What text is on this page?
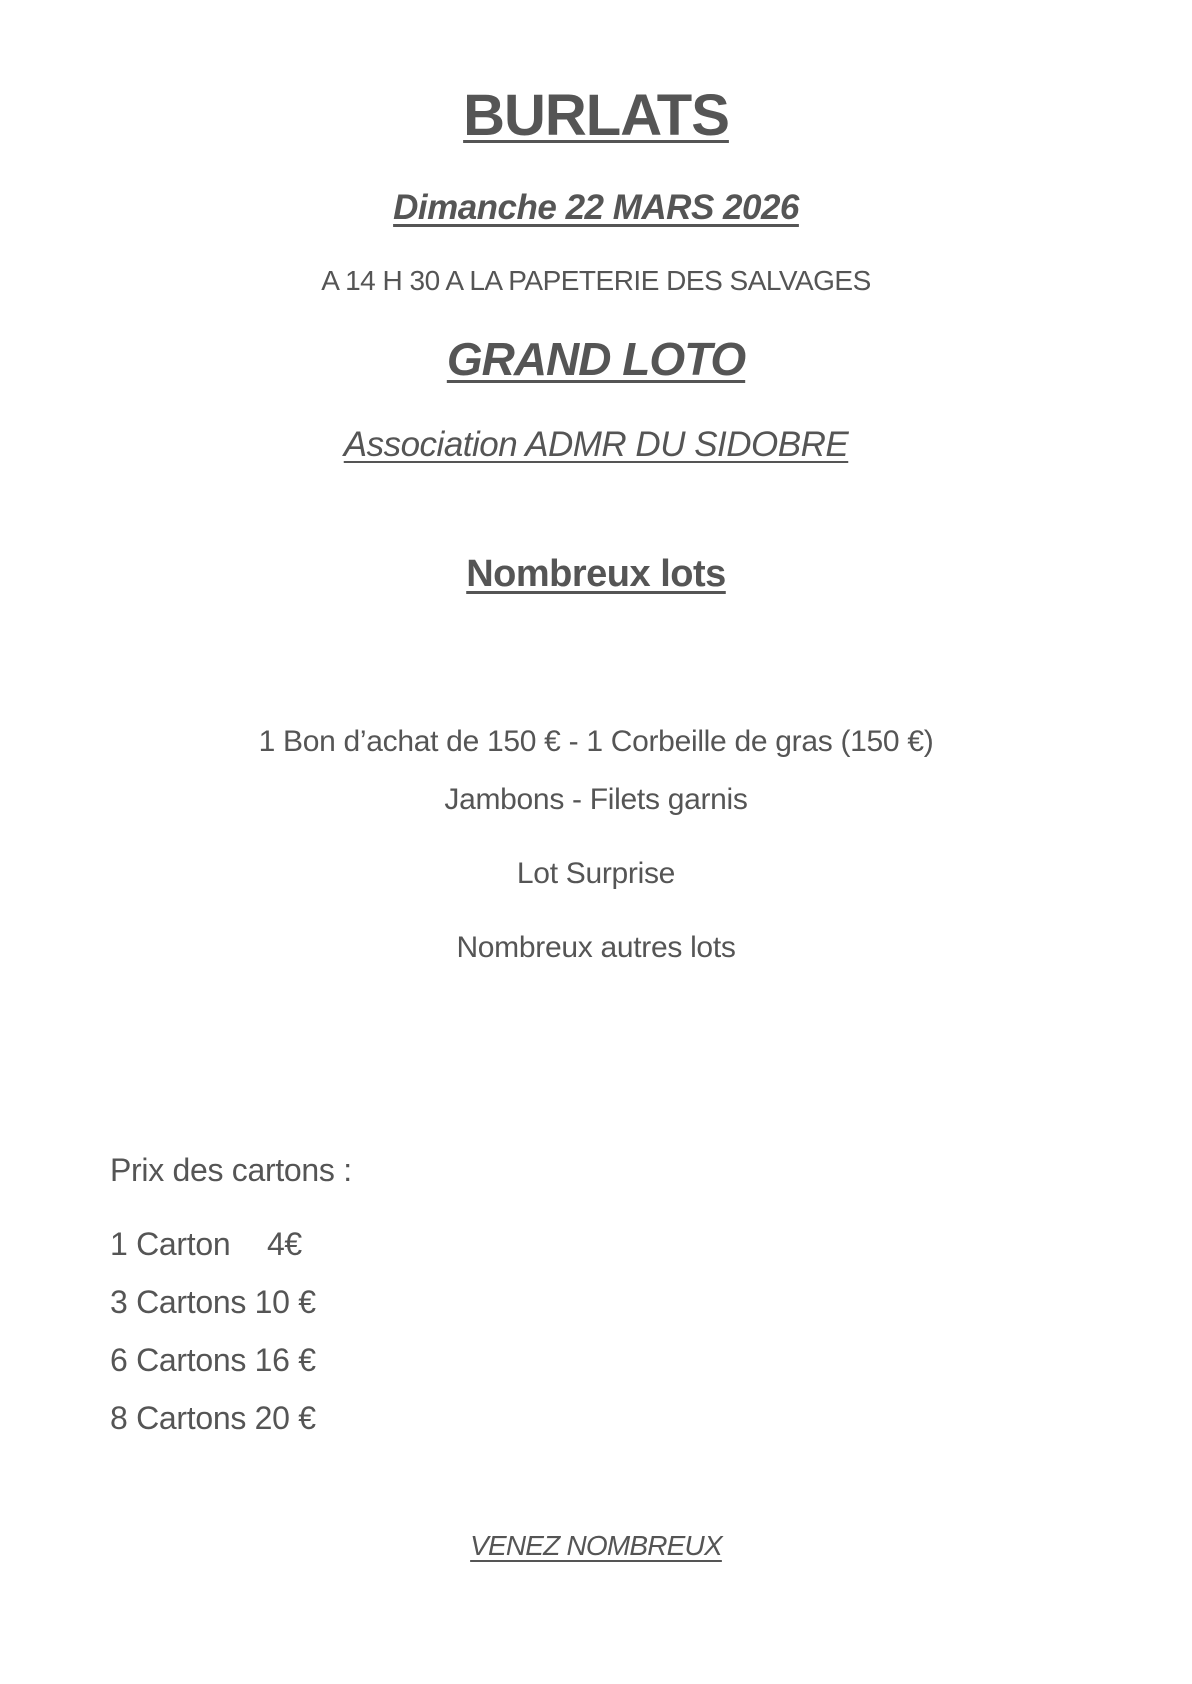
BURLATS
Dimanche 22 MARS 2026
A 14 H 30 A LA PAPETERIE DES SALVAGES
GRAND LOTO
Association ADMR DU SIDOBRE
Nombreux lots
1 Bon d’achat de 150 € - 1 Corbeille de gras (150 €)
Jambons - Filets garnis
Lot Surprise
Nombreux autres lots
Prix des cartons :
1 Carton 4€
3 Cartons 10 €
6 Cartons 16 €
8 Cartons 20 €
VENEZ NOMBREUX
